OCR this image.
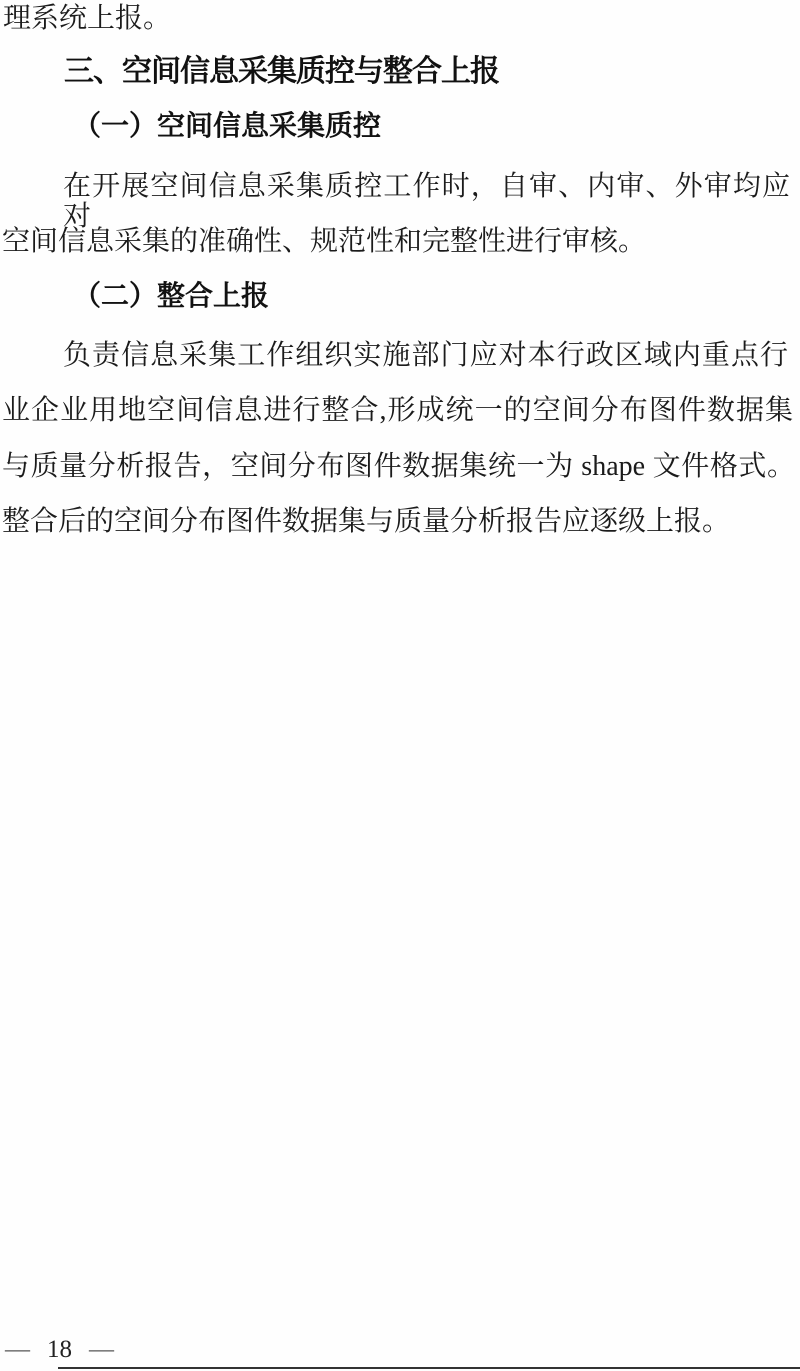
理系统上报。
三、空间信息采集质控与整合上报
（一）空间信息采集质控
在开展空间信息采集质控工作时，自审、内审、外审均应对
空间信息采集的准确性、规范性和完整性进行审核。
（二）整合上报
负责信息采集工作组织实施部门应对本行政区域内重点行
业企业用地空间信息进行整合,形成统一的空间分布图件数据集
与质量分析报告，空间分布图件数据集统一为 shape 文件格式。
整合后的空间分布图件数据集与质量分析报告应逐级上报。
— 18 —
